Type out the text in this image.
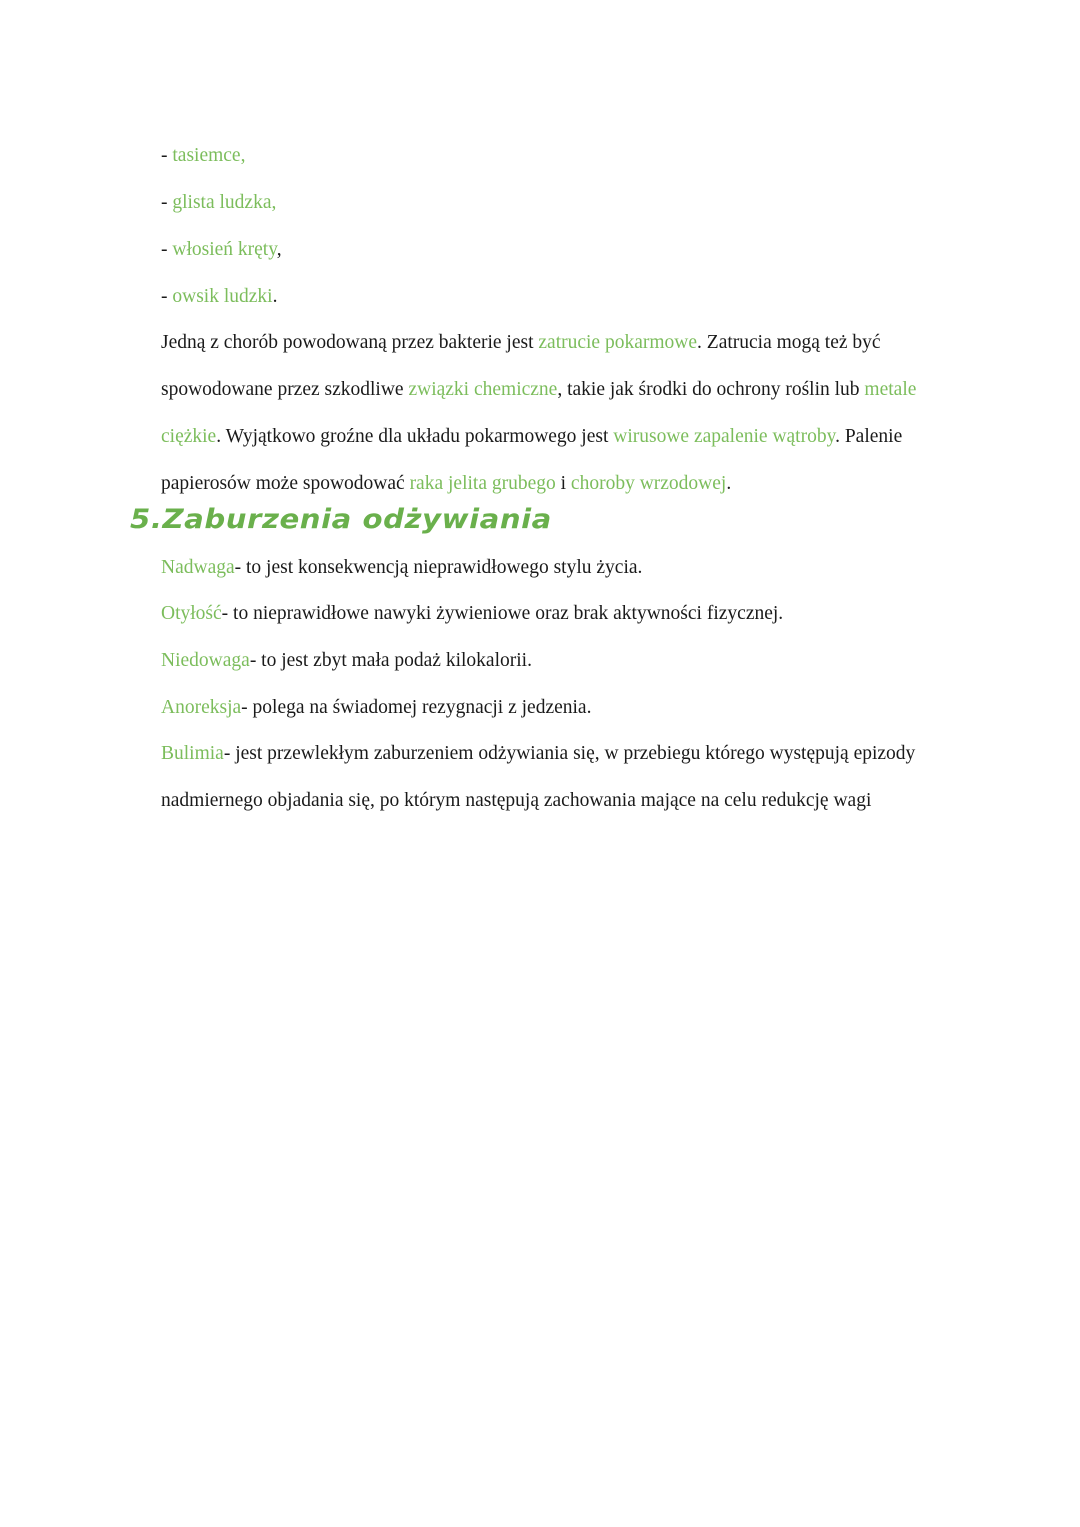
- tasiemce,
- glista ludzka,
- włosień kręty,
- owsik ludzki.
Jedną z chorób powodowaną przez bakterie jest zatrucie pokarmowe. Zatrucia mogą też być
spowodowane przez szkodliwe związki chemiczne, takie jak środki do ochrony roślin lub metale
ciężkie. Wyjątkowo groźne dla układu pokarmowego jest wirusowe zapalenie wątroby. Palenie
papierosów może spowodować raka jelita grubego i choroby wrzodowej.
5.Zaburzenia odżywiania
Nadwaga- to jest konsekwencją nieprawidłowego stylu życia.
Otyłość- to nieprawidłowe nawyki żywieniowe oraz brak aktywności fizycznej.
Niedowaga- to jest zbyt mała podaż kilokalorii.
Anoreksja- polega na świadomej rezygnacji z jedzenia.
Bulimia- jest przewlekłym zaburzeniem odżywiania się, w przebiegu którego występują epizody
nadmiernego objadania się, po którym następują zachowania mające na celu redukcję wagi
